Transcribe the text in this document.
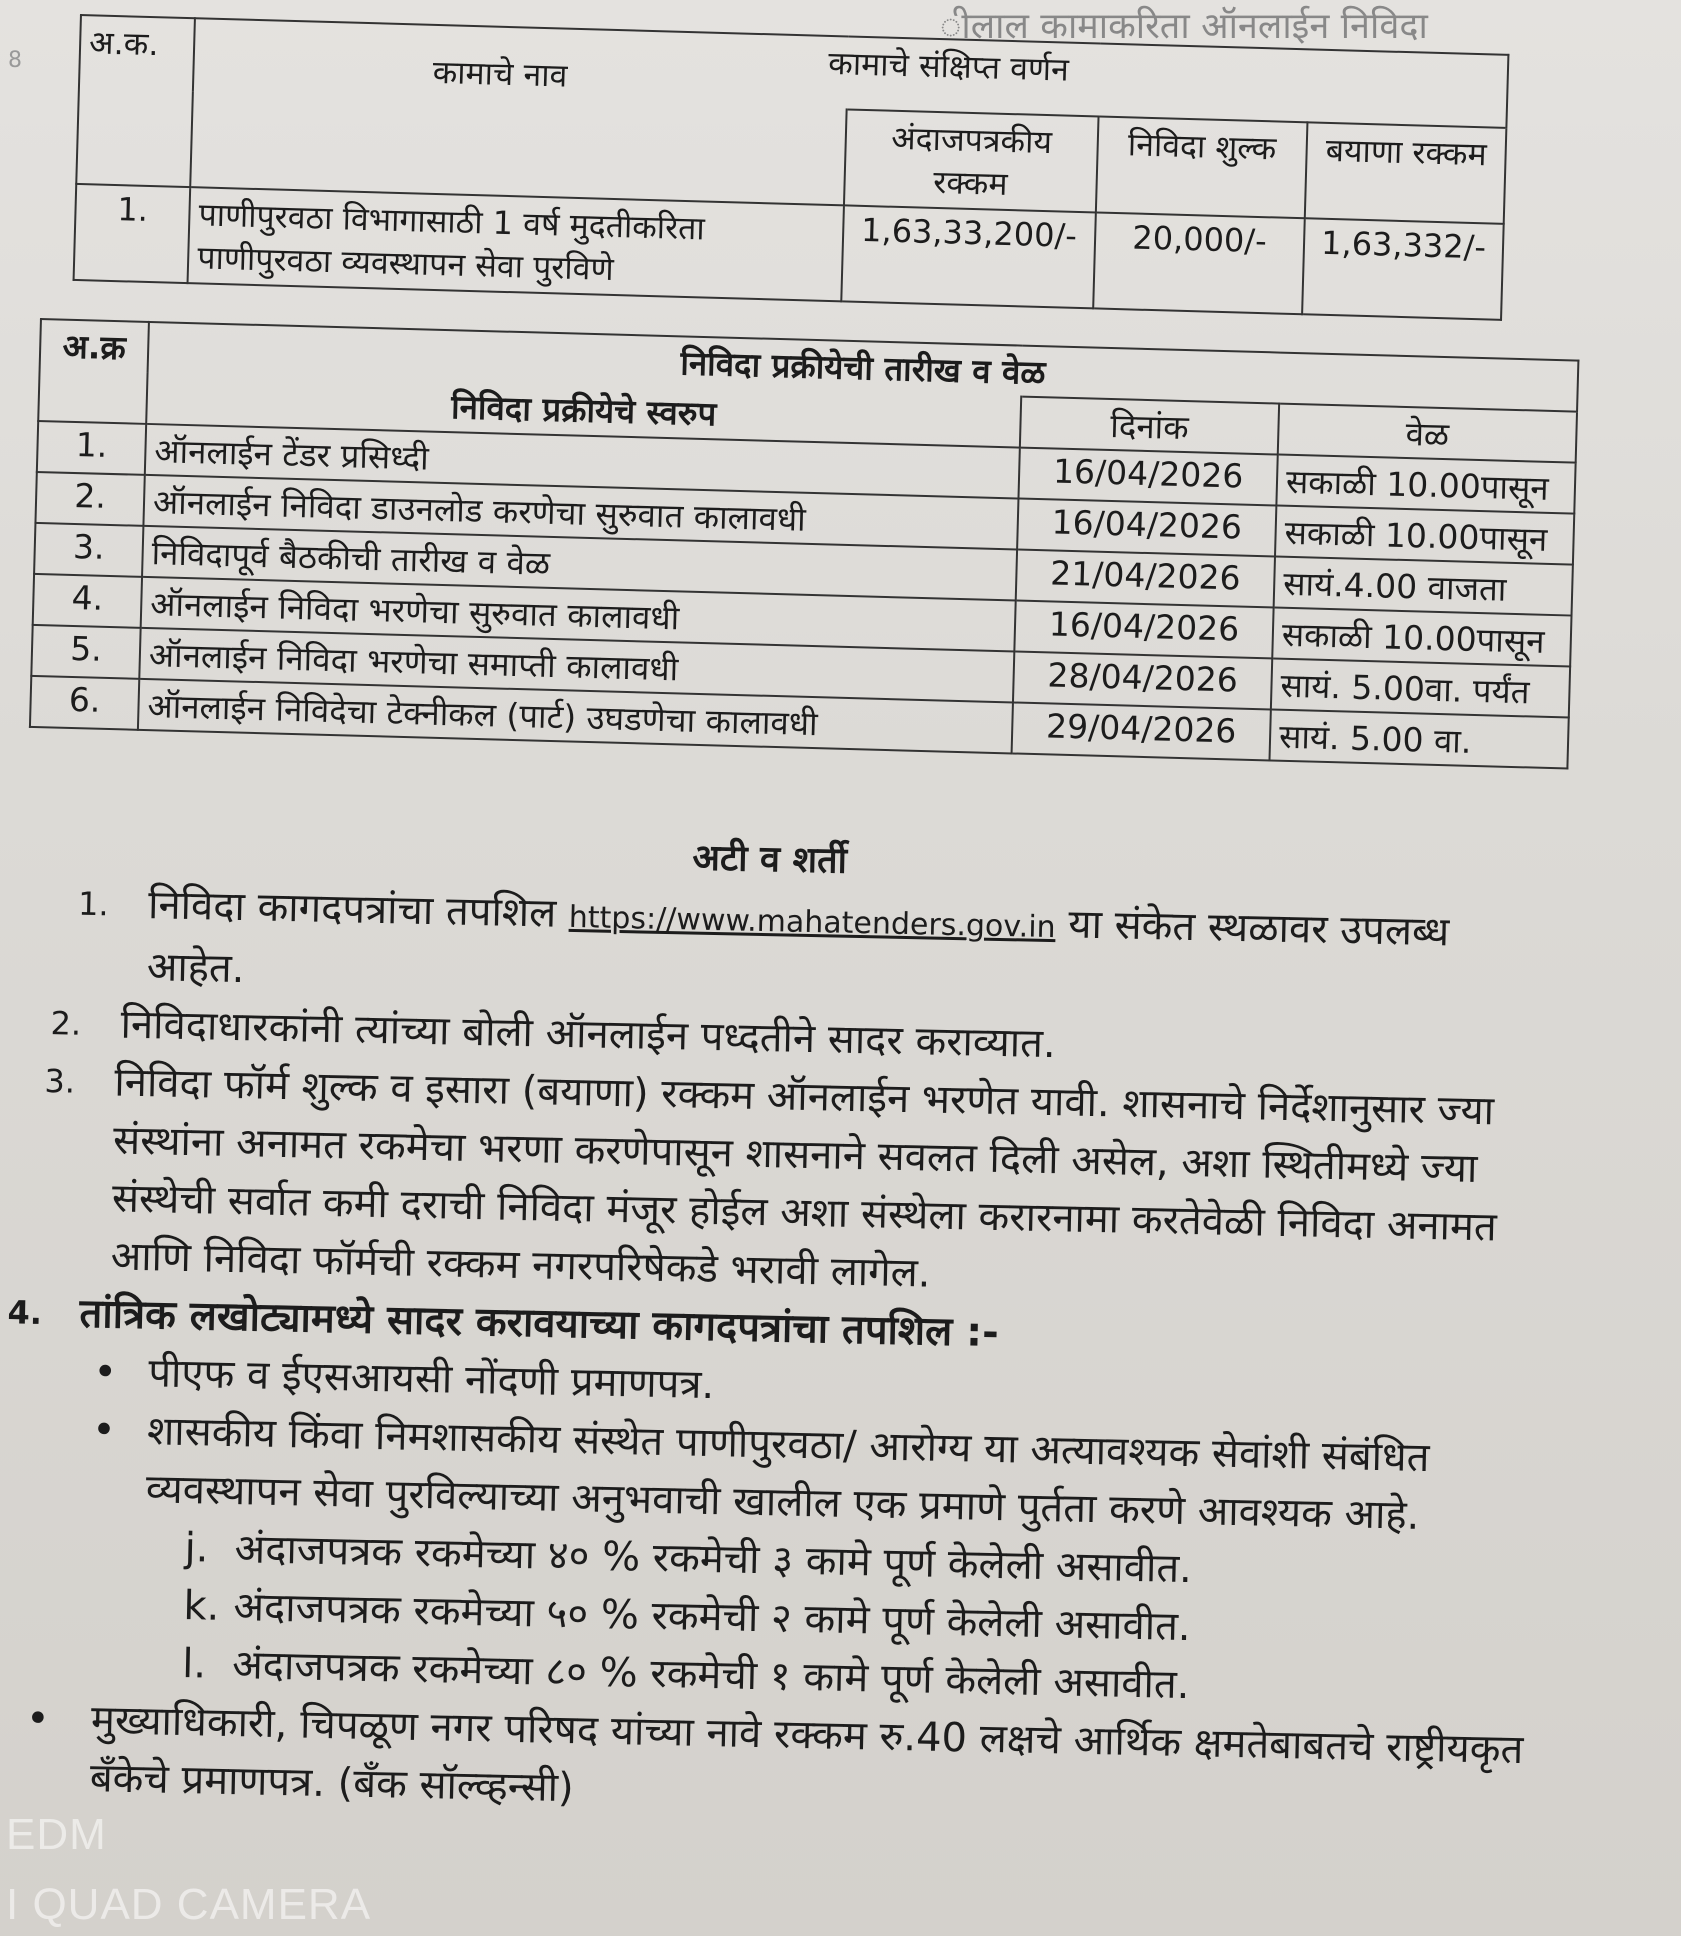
ीलाल कामाकरिता ऑनलाईन निविदा
8 अ.क.	कामाचे नाव कामाचे संक्षिप्त वर्णन			

		अंदाजपत्रकीय रक्कम	निविदा शुल्क	बयाणा रक्कम
1.	पाणीपुरवठा विभागासाठी 1 वर्ष मुदतीकरिता पाणीपुरवठा व्यवस्थापन सेवा पुरविणे	1,63,33,200/-	20,000/-	1,63,332/-
अ.क्र	निविदा प्रक्रीयेची तारीख व वेळ		
	निविदा प्रक्रीयेचे स्वरुप	दिनांक	वेळ
1.	ऑनलाईन टेंडर प्रसिध्दी	16/04/2026	सकाळी 10.00पासून
2.	ऑनलाईन निविदा डाउनलोड करणेचा सुरुवात कालावधी	16/04/2026	सकाळी 10.00पासून
3.	निविदापूर्व बैठकीची तारीख व वेळ	21/04/2026	सायं.4.00 वाजता
4.	ऑनलाईन निविदा भरणेचा सुरुवात कालावधी	16/04/2026	सकाळी 10.00पासून
5.	ऑनलाईन निविदा भरणेचा समाप्ती कालावधी	28/04/2026	सायं. 5.00वा. पर्यंत
6.	ऑनलाईन निविदेचा टेक्नीकल (पार्ट) उघडणेचा कालावधी	29/04/2026	सायं. 5.00 वा.
अटी व शर्ती
1. निविदा कागदपत्रांचा तपशिल https://www.mahatenders.gov.in या संकेत स्थळावर उपलब्ध आहेत.
2. निविदाधारकांनी त्यांच्या बोली ऑनलाईन पध्दतीने सादर कराव्यात.
3. निविदा फॉर्म शुल्क व इसारा (बयाणा) रक्कम ऑनलाईन भरणेत यावी. शासनाचे निर्देशानुसार ज्या संस्थांना अनामत रकमेचा भरणा करणेपासून शासनाने सवलत दिली असेल, अशा स्थितीमध्ये ज्या संस्थेची सर्वात कमी दराची निविदा मंजूर होईल अशा संस्थेला करारनामा करतेवेळी निविदा अनामत आणि निविदा फॉर्मची रक्कम नगरपरिषेकडे भरावी लागेल.
4. तांत्रिक लखोट्यामध्ये सादर करावयाच्या कागदपत्रांचा तपशिल :-
• पीएफ व ईएसआयसी नोंदणी प्रमाणपत्र.
• शासकीय किंवा निमशासकीय संस्थेत पाणीपुरवठा/ आरोग्य या अत्यावश्यक सेवांशी संबंधित व्यवस्थापन सेवा पुरविल्याच्या अनुभवाची खालील एक प्रमाणे पुर्तता करणे आवश्यक आहे.
j. अंदाजपत्रक रकमेच्या ४० % रकमेची ३ कामे पूर्ण केलेली असावीत.
k. अंदाजपत्रक रकमेच्या ५० % रकमेची २ कामे पूर्ण केलेली असावीत.
l. अंदाजपत्रक रकमेच्या ८० % रकमेची १ कामे पूर्ण केलेली असावीत.
• मुख्याधिकारी, चिपळूण नगर परिषद यांच्या नावे रक्कम रु.40 लक्षचे आर्थिक क्षमतेबाबतचे राष्ट्रीयकृत बँकेचे प्रमाणपत्र. (बँक सॉल्व्हन्सी)
EDM
I QUAD CAMERA
